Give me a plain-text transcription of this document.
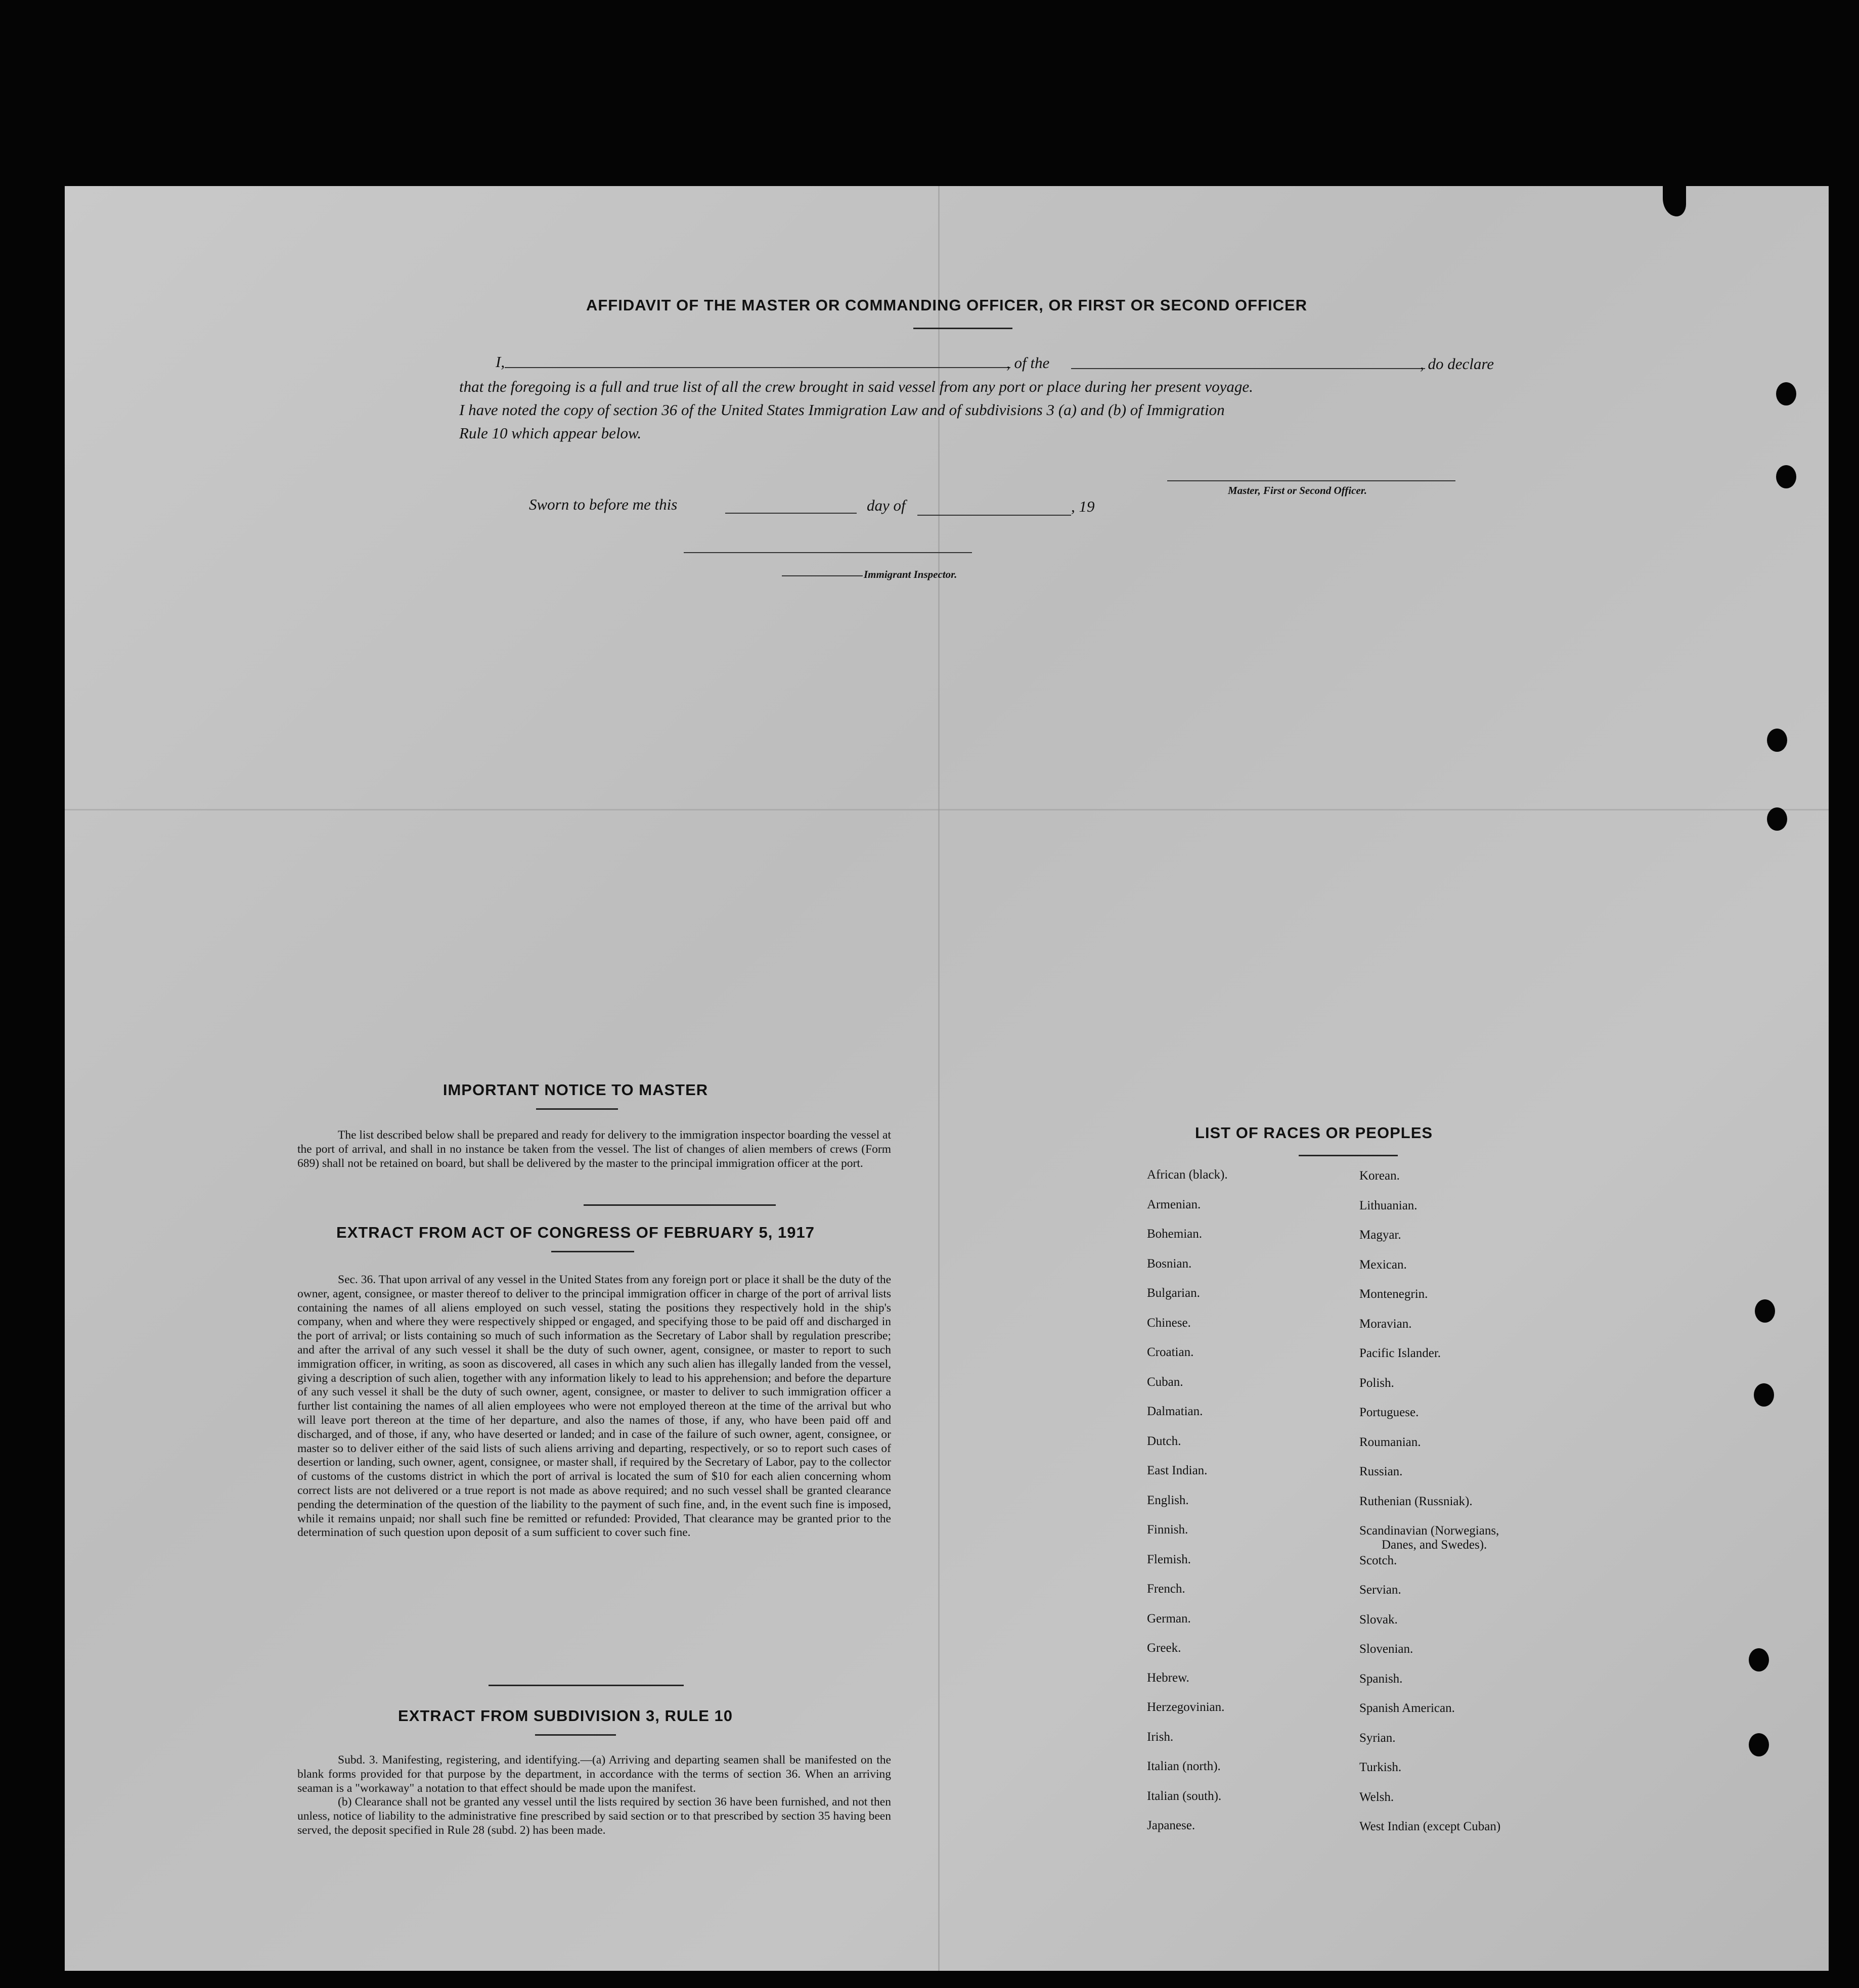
AFFIDAVIT OF THE MASTER OR COMMANDING OFFICER, OR FIRST OR SECOND OFFICER
I,	, of the	, do declare
that the foregoing is a full and true list of all the crew brought in said vessel from any port or place during her present voyage.
I have noted the copy of section 36 of the United States Immigration Law and of subdivisions 3 (a) and (b) of Immigration
Rule 10 which appear below.
Master, First or Second Officer.
Sworn to before me this	day of	, 19
Immigrant Inspector.
IMPORTANT NOTICE TO MASTER

The list described below shall be prepared and ready for delivery to the immigration inspector boarding the vessel at the port of arrival, and shall in no instance be taken from the vessel. The list of changes of alien members of crews (Form 689) shall not be retained on board, but shall be delivered by the master to the principal immigration officer at the port.

EXTRACT FROM ACT OF CONGRESS OF FEBRUARY 5, 1917

Sec. 36. That upon arrival of any vessel in the United States from any foreign port or place it shall be the duty of the owner, agent, consignee, or master thereof to deliver to the principal immigration officer in charge of the port of arrival lists containing the names of all aliens employed on such vessel, stating the positions they respectively hold in the ship's company, when and where they were respectively shipped or engaged, and specifying those to be paid off and discharged in the port of arrival; or lists containing so much of such information as the Secretary of Labor shall by regulation prescribe; and after the arrival of any such vessel it shall be the duty of such owner, agent, consignee, or master to report to such immigration officer, in writing, as soon as discovered, all cases in which any such alien has illegally landed from the vessel, giving a description of such alien, together with any information likely to lead to his apprehension; and before the departure of any such vessel it shall be the duty of such owner, agent, consignee, or master to deliver to such immigration officer a further list containing the names of all alien employees who were not employed thereon at the time of the arrival but who will leave port thereon at the time of her departure, and also the names of those, if any, who have been paid off and discharged, and of those, if any, who have deserted or landed; and in case of the failure of such owner, agent, consignee, or master so to deliver either of the said lists of such aliens arriving and departing, respectively, or so to report such cases of desertion or landing, such owner, agent, consignee, or master shall, if required by the Secretary of Labor, pay to the collector of customs of the customs district in which the port of arrival is located the sum of $10 for each alien concerning whom correct lists are not delivered or a true report is not made as above required; and no such vessel shall be granted clearance pending the determination of the question of the liability to the payment of such fine, and, in the event such fine is imposed, while it remains unpaid; nor shall such fine be remitted or refunded: Provided, That clearance may be granted prior to the determination of such question upon deposit of a sum sufficient to cover such fine.

EXTRACT FROM SUBDIVISION 3, RULE 10

Subd. 3. Manifesting, registering, and identifying.—(a) Arriving and departing seamen shall be manifested on the blank forms provided for that purpose by the department, in accordance with the terms of section 36. When an arriving seaman is a "workaway" a notation to that effect should be made upon the manifest.

(b) Clearance shall not be granted any vessel until the lists required by section 36 have been furnished, and not then unless, notice of liability to the administrative fine prescribed by said section or to that prescribed by section 35 having been served, the deposit specified in Rule 28 (subd. 2) has been made.

LIST OF RACES OR PEOPLES
African (black).
Armenian.
Bohemian.
Bosnian.
Bulgarian.
Chinese.
Croatian.
Cuban.
Dalmatian.
Dutch.
East Indian.
English.
Finnish.
Flemish.
French.
German.
Greek.
Hebrew.
Herzegovinian.
Irish.
Italian (north).
Italian (south).
Japanese.
Korean.
Lithuanian.
Magyar.
Mexican.
Montenegrin.
Moravian.
Pacific Islander.
Polish.
Portuguese.
Roumanian.
Russian.
Ruthenian (Russniak).
Scandinavian (Norwegians,
Danes, and Swedes).
Scotch.
Servian.
Slovak.
Slovenian.
Spanish.
Spanish American.
Syrian.
Turkish.
Welsh.
West Indian (except Cuban)
